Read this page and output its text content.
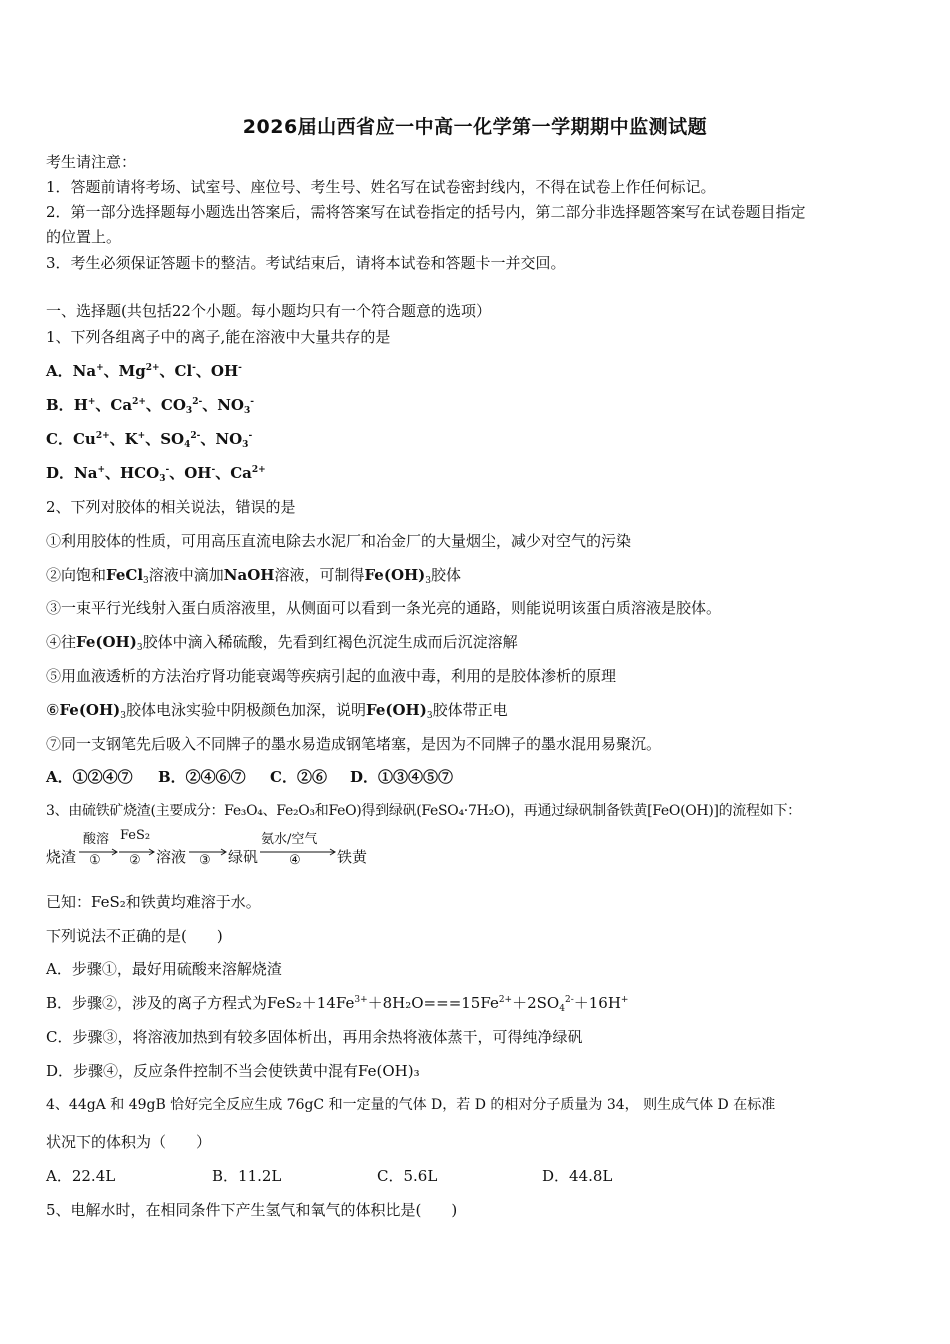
2026届山西省应一中高一化学第一学期期中监测试题
考生请注意：
1．答题前请将考场、试室号、座位号、考生号、姓名写在试卷密封线内，不得在试卷上作任何标记。
2．第一部分选择题每小题选出答案后，需将答案写在试卷指定的括号内，第二部分非选择题答案写在试卷题目指定
的位置上。
3．考生必须保证答题卡的整洁。考试结束后，请将本试卷和答题卡一并交回。
一、选择题(共包括22个小题。每小题均只有一个符合题意的选项）
1、下列各组离子中的离子,能在溶液中大量共存的是
A．Na+、$Mg^{2+}$、Cl-、OH-
B．H+、$Ca^{2+}$、$CO_3^{2-}$、$NO_3^-$
C．$Cu^{2+}$、K+、$SO_4^{2-}$、$NO_3^-$
D．Na+、$HCO_3^-$、OH-、$Ca^{2+}$
2、下列对胶体的相关说法，错误的是
①利用胶体的性质，可用高压直流电除去水泥厂和冶金厂的大量烟尘，减少对空气的污染
②向饱和FeCl$_3$溶液中滴加NaOH溶液，可制得$Fe(OH)_3$胶体
③一束平行光线射入蛋白质溶液里，从侧面可以看到一条光亮的通路，则能说明该蛋白质溶液是胶体。
④往$Fe(OH)_3$胶体中滴入稀硫酸，先看到红褐色沉淀生成而后沉淀溶解
⑤用血液透析的方法治疗肾功能衰竭等疾病引起的血液中毒，利用的是胶体渗析的原理
$⑥Fe(OH)_3$胶体电泳实验中阴极颜色加深，说明$Fe(OH)_3$胶体带正电
⑦同一支钢笔先后吸入不同牌子的墨水易造成钢笔堵塞，是因为不同牌子的墨水混用易聚沉。
A．①②④⑦ B．②④⑥⑦ C．②⑥ D．①③④⑤⑦
3、由硫铁矿烧渣(主要成分：Fe₃O₄、Fe₂O₃和FeO)得到绿矾(FeSO₄·7H₂O)，再通过绿矾制备铁黄[FeO(OH)]的流程如下：
烧渣
酸溶
①
FeS₂
② 溶液 ③ 绿矾
氨水/空气
④ 铁黄
已知：FeS₂和铁黄均难溶于水。
下列说法不正确的是(　　)
A．步骤①，最好用硫酸来溶解烧渣
B．步骤②，涉及的离子方程式为$FeS_2+14Fe^{3+}+8H_2O===15Fe^{2+}+2SO_4^{2-}+16H^+$
C．步骤③，将溶液加热到有较多固体析出，再用余热将液体蒸干，可得纯净绿矾
D．步骤④，反应条件控制不当会使铁黄中混有Fe(OH)₃
4、44gA 和 49gB 恰好完全反应生成 76gC 和一定量的气体 D，若 D 的相对分子质量为 34， 则生成气体 D 在标准
状况下的体积为（　　）
A．22.4L	B．11.2L	C．5.6L	D．44.8L
5、电解水时，在相同条件下产生氢气和氧气的体积比是(　　)
